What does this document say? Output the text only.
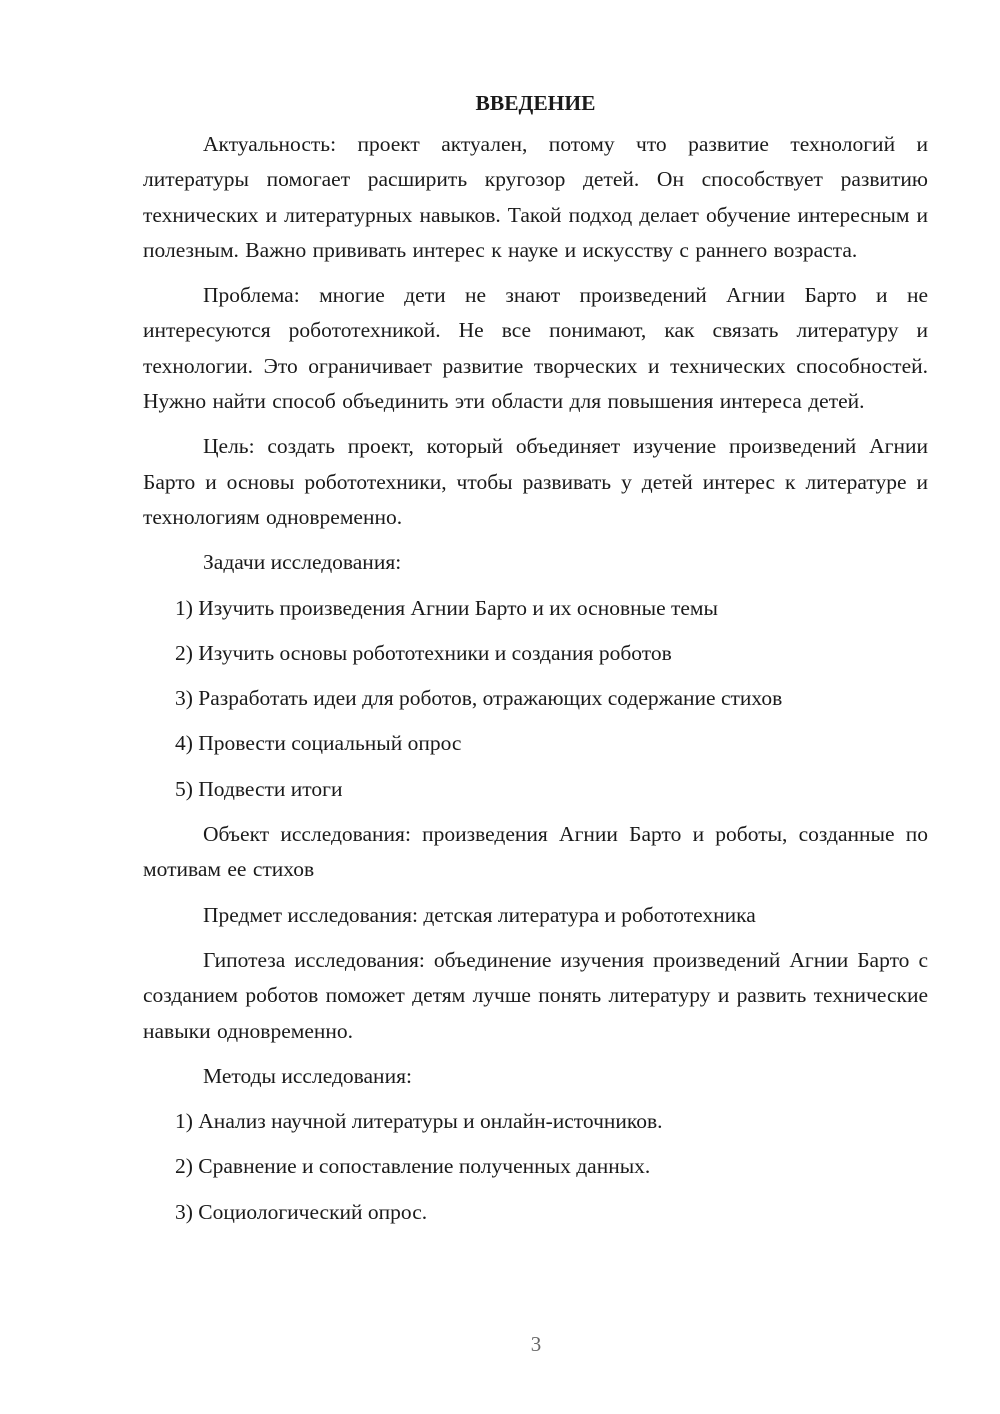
ВВЕДЕНИЕ

Актуальность: проект актуален, потому что развитие технологий и литературы помогает расширить кругозор детей. Он способствует развитию технических и литературных навыков. Такой подход делает обучение интересным и полезным. Важно прививать интерес к науке и искусству с раннего возраста.

Проблема: многие дети не знают произведений Агнии Барто и не интересуются робототехникой. Не все понимают, как связать литературу и технологии. Это ограничивает развитие творческих и технических способностей. Нужно найти способ объединить эти области для повышения интереса детей.

Цель: создать проект, который объединяет изучение произведений Агнии Барто и основы робототехники, чтобы развивать у детей интерес к литературе и технологиям одновременно.

Задачи исследования:

1) Изучить произведения Агнии Барто и их основные темы

2) Изучить основы робототехники и создания роботов

3) Разработать идеи для роботов, отражающих содержание стихов

4) Провести социальный опрос

5) Подвести итоги

Объект исследования: произведения Агнии Барто и роботы, созданные по мотивам ее стихов

Предмет исследования: детская литература и робототехника

Гипотеза исследования: объединение изучения произведений Агнии Барто с созданием роботов поможет детям лучше понять литературу и развить технические навыки одновременно.

Методы исследования:

1) Анализ научной литературы и онлайн-источников.

2) Сравнение и сопоставление полученных данных.

3) Социологический опрос.

3
